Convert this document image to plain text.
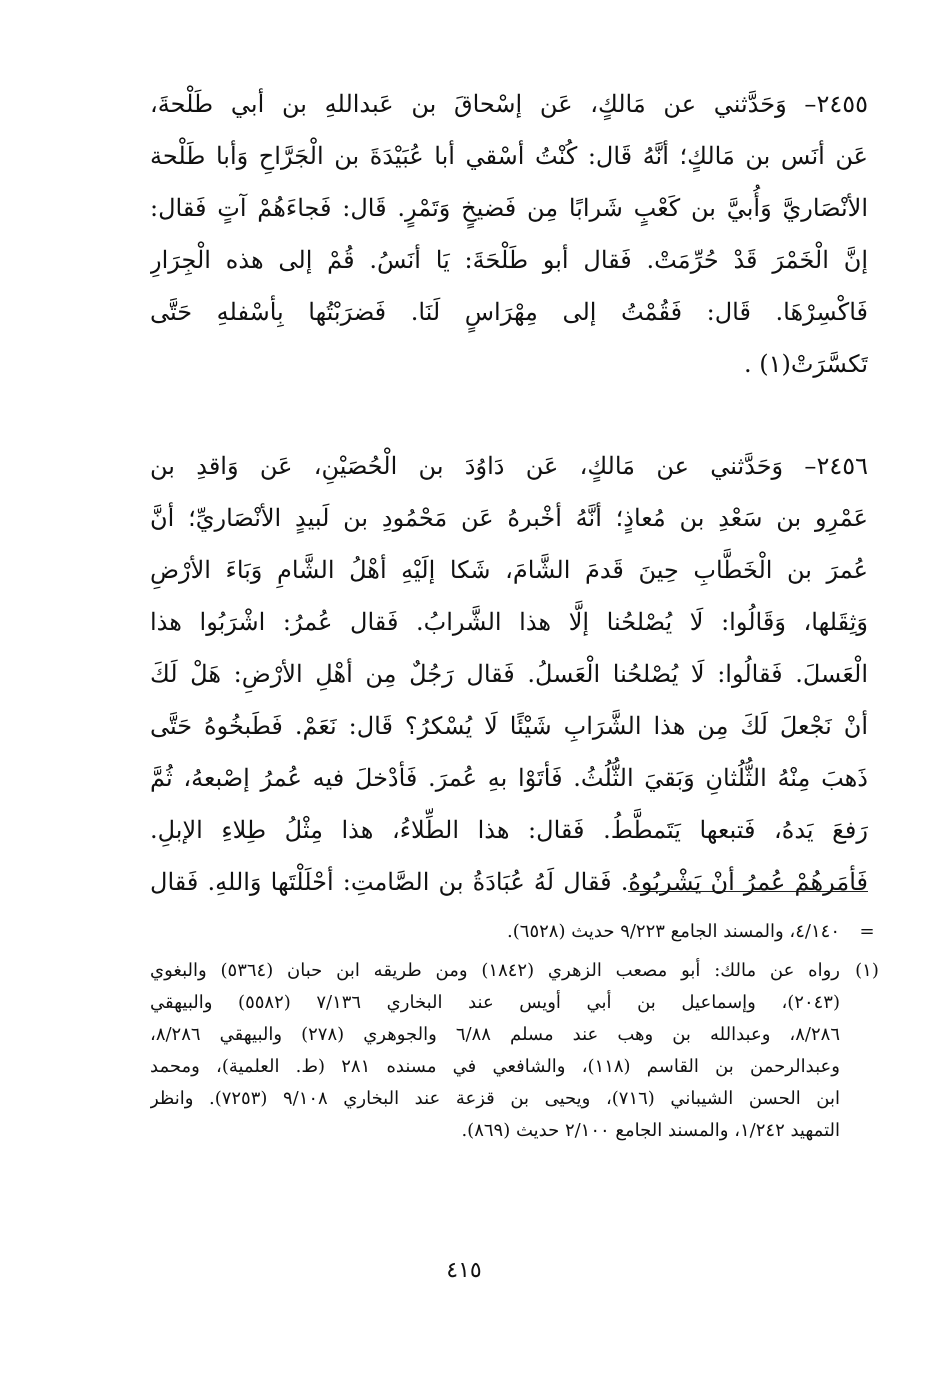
٢٤٥٥– وَحَدَّثني عن مَالكٍ، عَن إسْحاقَ بن عَبداللهِ بن أبي طَلْحةَ،
عَن أنَس بن مَالكٍ؛ أنَّهُ قَال: كُنْتُ أسْقي أبا عُبَيْدَةَ بن الْجَرَّاحِ وَأبا طَلْحة
الأنْصَاريَّ وَأُبيَّ بن كَعْبٍ شَرابًا مِن فَضيخٍ وَتَمْرٍ. قَال: فَجاءَهُمْ آتٍ فَقال:
إنَّ الْخَمْرَ قَدْ حُرِّمَتْ. فَقال أبو طَلْحَةَ: يَا أنَسُ. قُمْ إلى هذه الْجِرَارِ
فَاكْسِرْهَا. قَال: فَقُمْتُ إلى مِهْرَاسٍ لَنَا. فَضرَبْتُها بِأسْفلهِ حَتَّى
تَكسَّرَتْ(١) .
٢٤٥٦– وَحَدَّثني عن مَالكٍ، عَن دَاوُدَ بن الْحُصَيْنِ، عَن وَاقدِ بن
عَمْرِو بن سَعْدِ بن مُعاذٍ؛ أنَّهُ أخْبرهُ عَن مَحْمُودِ بن لَبيدٍ الأنْصَاريِّ؛ أنَّ
عُمرَ بن الْخَطَّابِ حِينَ قَدمَ الشَّامَ، شَكا إلَيْهِ أهْلُ الشَّامِ وَبَاءَ الأرْضِ
وَثِقَلها، وَقَالُوا: لَا يُصْلحُنا إلَّا هذا الشَّرابُ. فَقال عُمرُ: اشْرَبُوا هذا
الْعَسلَ. فَقالُوا: لَا يُصْلحُنا الْعَسلُ. فَقال رَجُلٌ مِن أهْلِ الأرْضِ: هَلْ لَكَ
أنْ نَجْعلَ لَكَ مِن هذا الشَّرَابِ شَيْئًا لَا يُسْكرُ؟ قَال: نَعَمْ. فَطَبخُوهُ حَتَّى
ذَهبَ مِنْهُ الثُّلُثانِ وَبَقيَ الثُّلُثُ. فَأتَوْا بهِ عُمرَ. فَأدْخلَ فيه عُمرُ إصْبعهُ، ثُمَّ
رَفعَ يَدهُ، فَتبعها يَتَمطَّطُ. فَقال: هذا الطِّلاءُ، هذا مِثْلُ طِلاءِ الإبلِ.
فَأمَرهُمْ عُمرُ أنْ يَشْربُوهُ. فَقال لَهُ عُبَادَةُ بن الصَّامتِ: أحْلَلْتَها وَاللهِ. فَقال
=
٤/١٤٠، والمسند الجامع ٩/٢٢٣ حديث (٦٥٢٨).
(١)
رواه عن مالك: أبو مصعب الزهري (١٨٤٢) ومن طريقه ابن حبان (٥٣٦٤) والبغوي
(٢٠٤٣)، وإسماعيل بن أبي أويس عند البخاري ٧/١٣٦ (٥٥٨٢) والبيهقي
٨/٢٨٦، وعبدالله بن وهب عند مسلم ٦/٨٨ والجوهري (٢٧٨) والبيهقي ٨/٢٨٦،
وعبدالرحمن بن القاسم (١١٨)، والشافعي في مسنده ٢٨١ (ط. العلمية)، ومحمد
ابن الحسن الشيباني (٧١٦)، ويحيى بن قزعة عند البخاري ٩/١٠٨ (٧٢٥٣). وانظر
التمهيد ١/٢٤٢، والمسند الجامع ٢/١٠٠ حديث (٨٦٩).
٤١٥
